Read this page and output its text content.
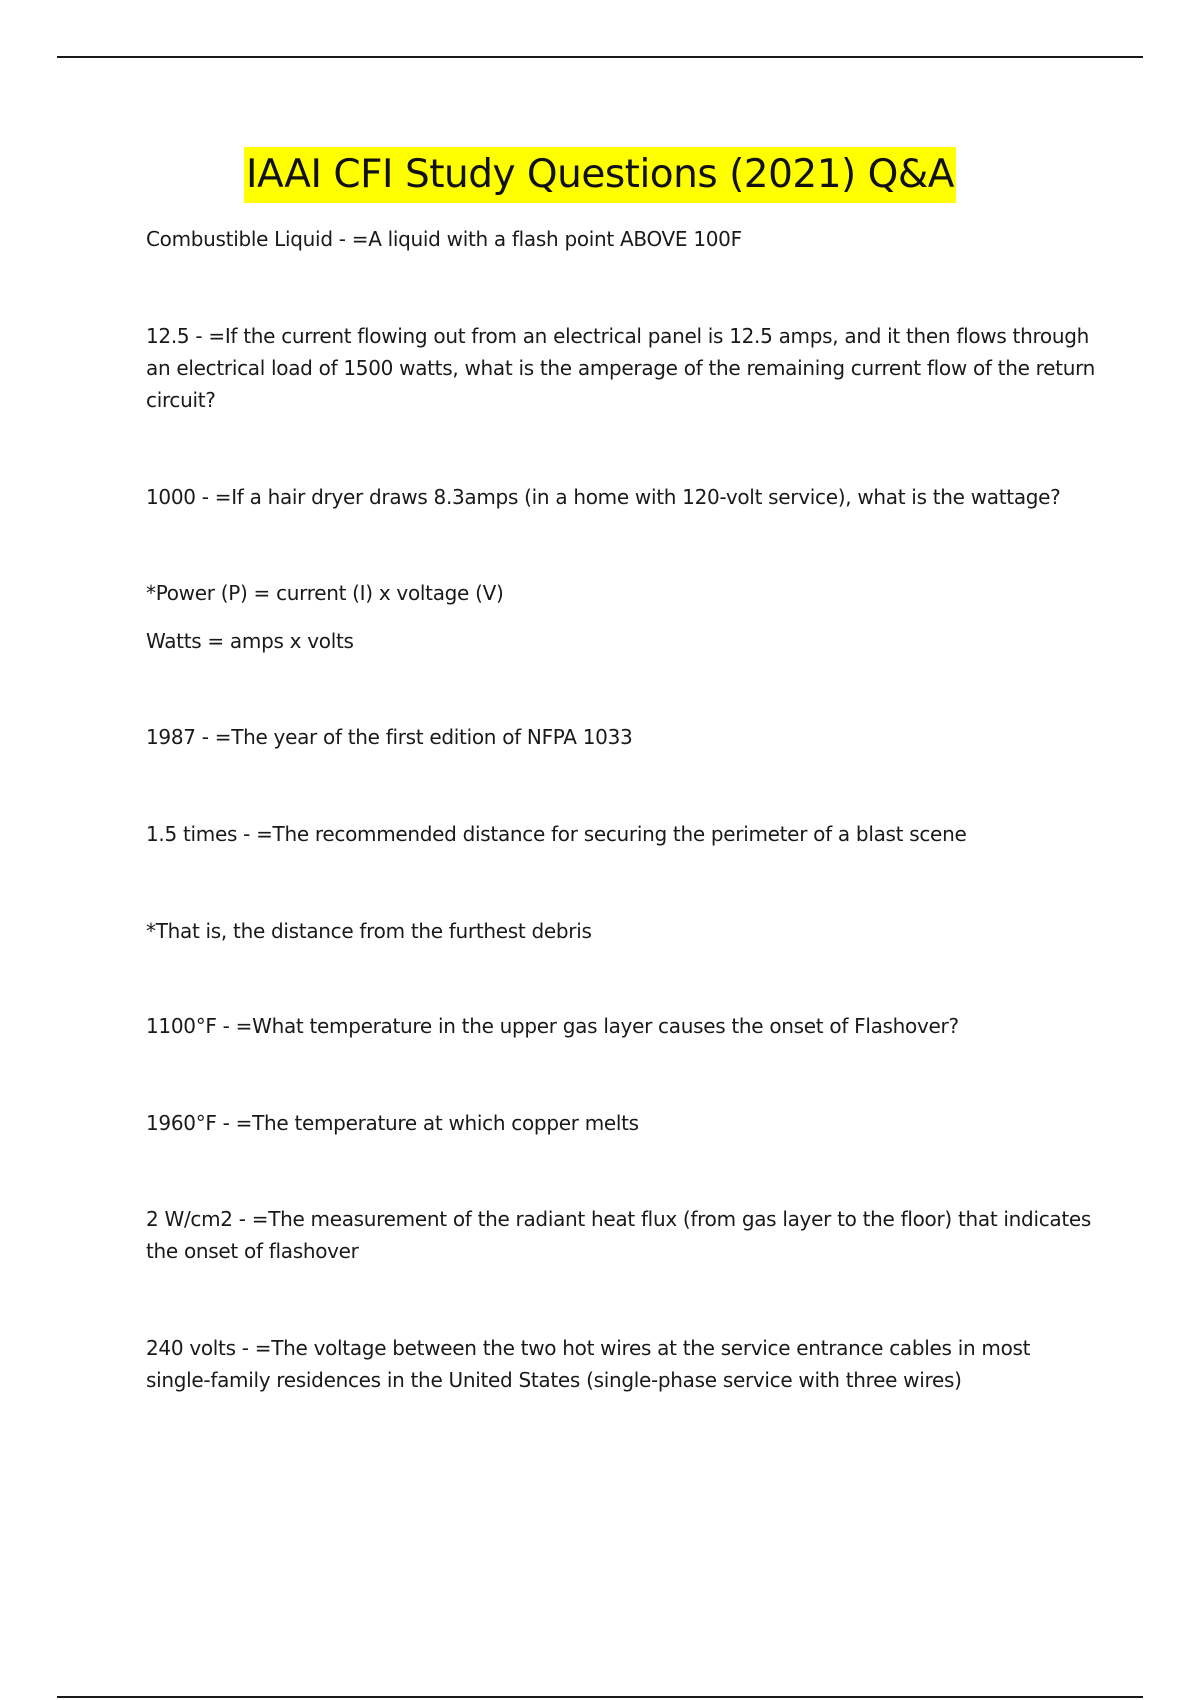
IAAI CFI Study Questions (2021) Q&A
Combustible Liquid - =A liquid with a flash point ABOVE 100F
12.5 - =If the current flowing out from an electrical panel is 12.5 amps, and it then flows through an electrical load of 1500 watts, what is the amperage of the remaining current flow of the return circuit?
1000 - =If a hair dryer draws 8.3amps (in a home with 120-volt service), what is the wattage?
*Power (P) = current (I) x voltage (V)
Watts = amps x volts
1987 - =The year of the first edition of NFPA 1033
1.5 times - =The recommended distance for securing the perimeter of a blast scene
*That is, the distance from the furthest debris
1100°F - =What temperature in the upper gas layer causes the onset of Flashover?
1960°F - =The temperature at which copper melts
2 W/cm2 - =The measurement of the radiant heat flux (from gas layer to the floor) that indicates the onset of flashover
240 volts - =The voltage between the two hot wires at the service entrance cables in most single-family residences in the United States (single-phase service with three wires)
